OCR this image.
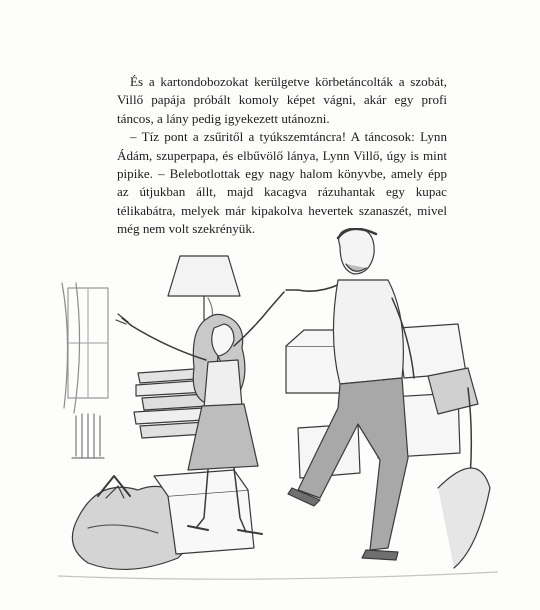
És a kartondobozokat kerülgetve körbetáncolták a szobát, Villő papája próbált komoly képet vágni, akár egy profi táncos, a lány pedig igyekezett utánozni.

– Tíz pont a zsűritől a tyúkszemtáncra! A táncosok: Lynn Ádám, szuperpapa, és elbűvölő lánya, Lynn Villő, úgy is mint pipike. – Belebotlottak egy nagy halom könyvbe, amely épp az útjukban állt, majd kacagva rázuhantak egy kupac télikabátra, melyek már kipakolva hevertek szanaszét, mivel még nem volt szekrényük.
